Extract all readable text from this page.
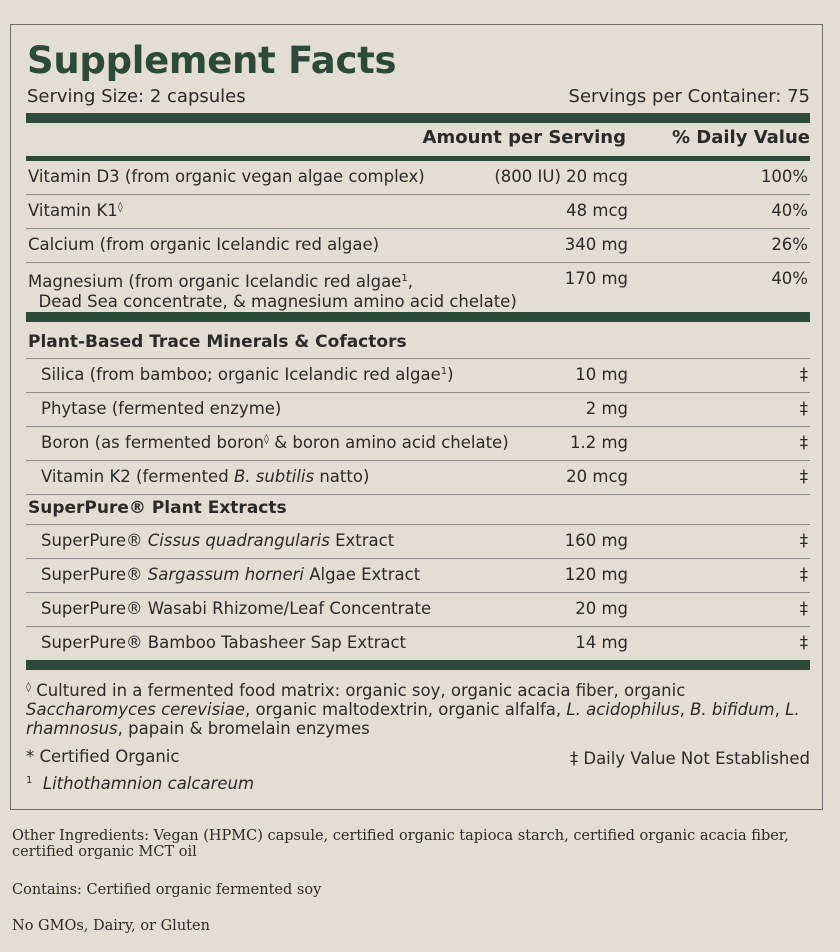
Supplement Facts
Serving Size: 2 capsules	Servings per Container: 75
Amount per Serving	% Daily Value
Vitamin D3 (from organic vegan algae complex)	(800 IU) 20 mcg	100%
Vitamin K1◊	48 mcg	40%
Calcium (from organic Icelandic red algae)	340 mg	26%
Magnesium (from organic Icelandic red algae$^1$,
Dead Sea concentrate, & magnesium amino acid chelate)
170 mg	40%
Plant-Based Trace Minerals & Cofactors
Silica (from bamboo; organic Icelandic red algae$^1$)	10 mg	‡
Phytase (fermented enzyme)	2 mg	‡
Boron (as fermented boron◊ & boron amino acid chelate)	1.2 mg	‡
Vitamin K2 (fermented B. subtilis natto)	20 mcg	‡
SuperPure® Plant Extracts
SuperPure® Cissus quadrangularis Extract	160 mg	‡
SuperPure® Sargassum horneri Algae Extract	120 mg	‡
SuperPure® Wasabi Rhizome/Leaf Concentrate	20 mg	‡
SuperPure® Bamboo Tabasheer Sap Extract	14 mg	‡
◊ Cultured in a fermented food matrix: organic soy, organic acacia fiber, organic Saccharomyces cerevisiae, organic maltodextrin, organic alfalfa, L. acidophilus, B. bifidum, L. rhamnosus, papain & bromelain enzymes
* Certified Organic	‡ Daily Value Not Established
$^1$ Lithothamnion calcareum
Other Ingredients: Vegan (HPMC) capsule, certified organic tapioca starch, certified organic acacia fiber, certified organic MCT oil
Contains: Certified organic fermented soy
No GMOs, Dairy, or Gluten
